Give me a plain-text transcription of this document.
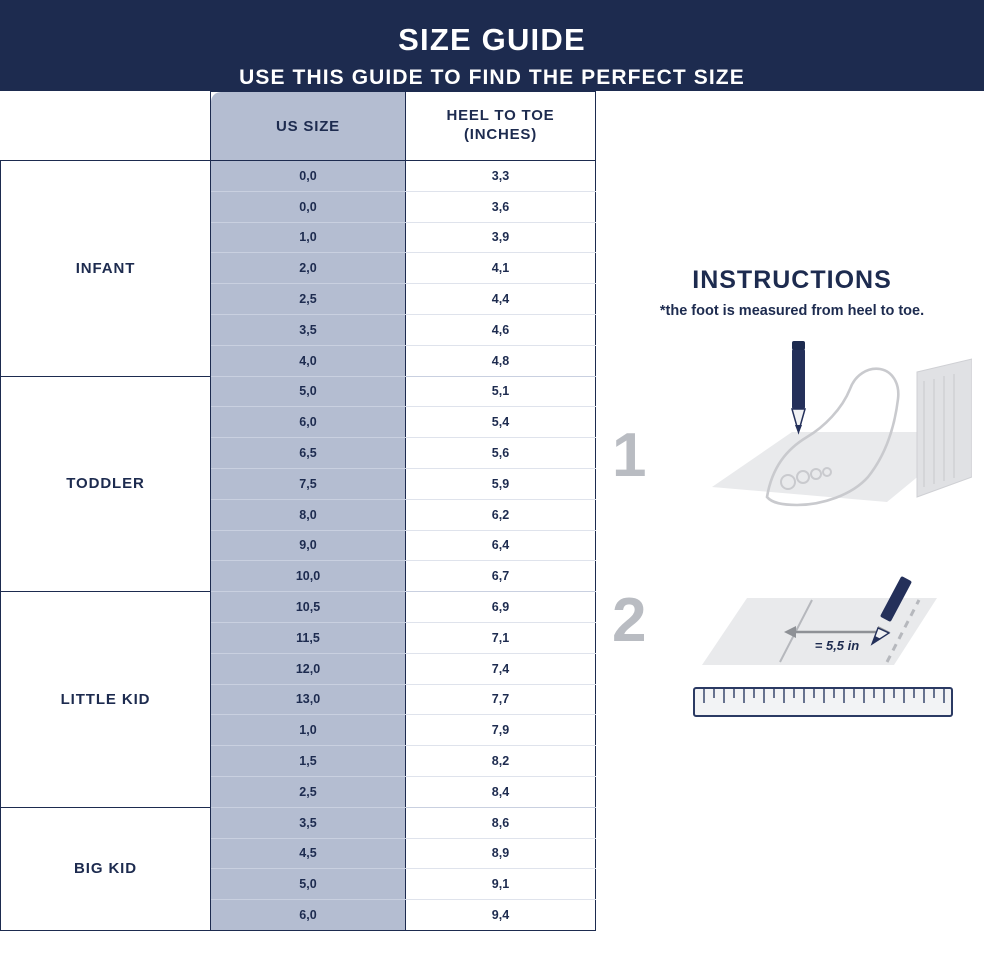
SIZE GUIDE
USE THIS GUIDE TO FIND THE PERFECT SIZE
	US SIZE	HEEL TO TOE
(INCHES)

INFANT	0,0	3,3
	0,0	3,6
	1,0	3,9
	2,0	4,1
	2,5	4,4
	3,5	4,6
	4,0	4,8
TODDLER	5,0	5,1
	6,0	5,4
	6,5	5,6
	7,5	5,9
	8,0	6,2
	9,0	6,4
	10,0	6,7
LITTLE KID	10,5	6,9
	11,5	7,1
	12,0	7,4
	13,0	7,7
	1,0	7,9
	1,5	8,2
	2,5	8,4
BIG KID	3,5	8,6
	4,5	8,9
	5,0	9,1
	6,0	9,4
INSTRUCTIONS
*the foot is measured from heel to toe.
1
2	= 5,5 in
